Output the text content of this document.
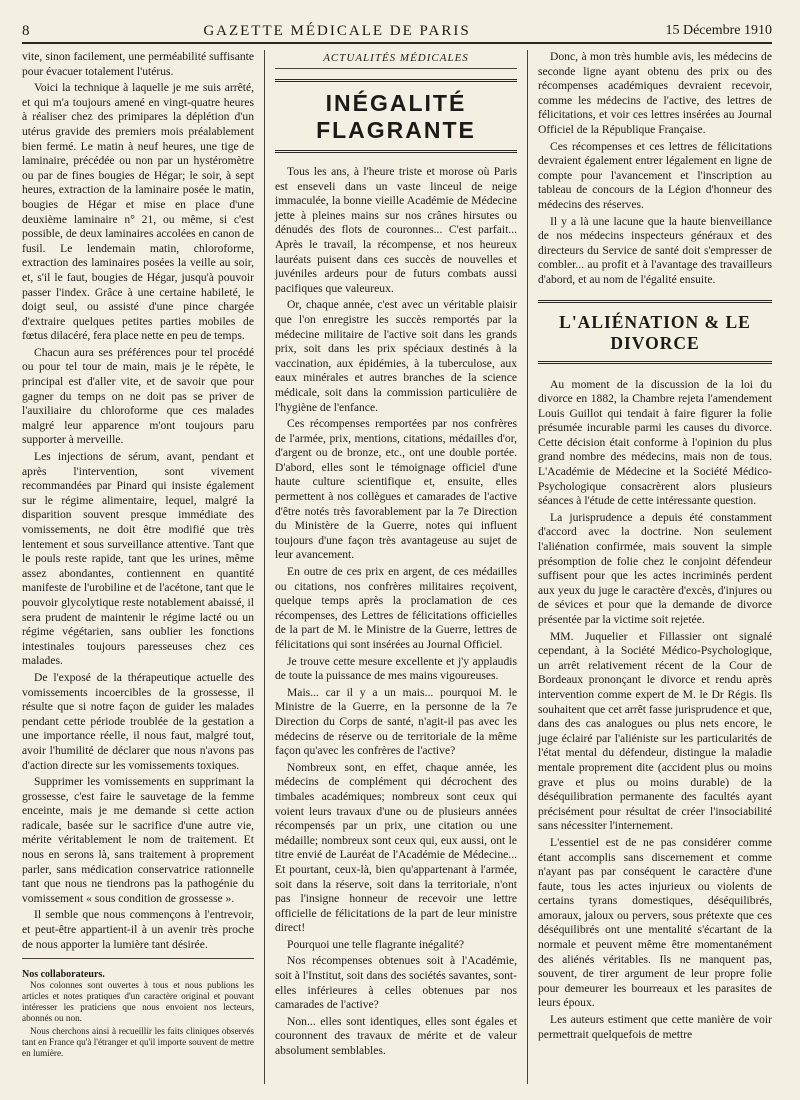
8	GAZETTE MÉDICALE DE PARIS	15 Décembre 1910

vite, sinon facilement, une perméabilité suffisante pour évacuer totalement l'utérus.

Voici la technique à laquelle je me suis arrêté, et qui m'a toujours amené en vingt-quatre heures à réaliser chez des primipares la déplétion d'un utérus gravide des premiers mois préalablement bien fermé. Le matin à neuf heures, une tige de laminaire, précédée ou non par un hystéromètre ou par de fines bougies de Hégar; le soir, à sept heures, extraction de la laminaire posée le matin, bougies de Hégar et mise en place d'une deuxième laminaire n° 21, ou même, si c'est possible, de deux laminaires accolées en canon de fusil. Le lendemain matin, chloroforme, extraction des laminaires posées la veille au soir, et, s'il le faut, bougies de Hégar, jusqu'à pouvoir passer l'index. Grâce à une certaine habileté, le doigt seul, ou assisté d'une pince chargée d'extraire quelques petites parties mobiles de fœtus dilacéré, fera place nette en peu de temps.

Chacun aura ses préférences pour tel procédé ou pour tel tour de main, mais je le répète, le principal est d'aller vite, et de savoir que pour gagner du temps on ne doit pas se priver de l'auxiliaire du chloroforme que ces malades malgré leur apparence m'ont toujours paru supporter à merveille.

Les injections de sérum, avant, pendant et après l'intervention, sont vivement recommandées par Pinard qui insiste également sur le régime alimentaire, lequel, malgré la disparition souvent presque immédiate des vomissements, ne doit être modifié que très lentement et sous surveillance attentive. Tant que le pouls reste rapide, tant que les urines, même assez abondantes, contiennent en quantité manifeste de l'urobiline et de l'acétone, tant que le pouvoir glycolytique reste notablement abaissé, il sera prudent de maintenir le régime lacté ou un régime végétarien, sans oublier les fonctions intestinales toujours paresseuses chez ces malades.

De l'exposé de la thérapeutique actuelle des vomissements incoercibles de la grossesse, il résulte que si notre façon de guider les malades pendant cette période troublée de la gestation a une importance réelle, il nous faut, malgré tout, avoir l'humilité de déclarer que nous n'avons pas d'action directe sur les vomissements toxiques.

Supprimer les vomissements en supprimant la grossesse, c'est faire le sauvetage de la femme enceinte, mais je me demande si cette action radicale, basée sur le sacrifice d'une autre vie, mérite véritablement le nom de traitement. Et nous en serons là, sans traitement à proprement parler, sans médication conservatrice rationnelle tant que nous ne tiendrons pas la pathogénie du vomissement « sous condition de grossesse ».

Il semble que nous commençons à l'entrevoir, et peut-être appartient-il à un avenir très proche de nous apporter la lumière tant désirée.

Nos collaborateurs.

Nos colonnes sont ouvertes à tous et nous publions les articles et notes pratiques d'un caractère original et pouvant intéresser les praticiens que nous envoient nos lecteurs, abonnés ou non.

Nous cherchons ainsi à recueillir les faits cliniques observés tant en France qu'à l'étranger et qu'il importe souvent de mettre en lumière.

ACTUALITÉS MÉDICALES
INÉGALITÉ FLAGRANTE

Tous les ans, à l'heure triste et morose où Paris est enseveli dans un vaste linceul de neige immaculée, la bonne vieille Académie de Médecine jette à pleines mains sur nos crânes hirsutes ou dénudés des flots de couronnes... C'est parfait... Après le travail, la récompense, et nos heureux lauréats puisent dans ces succès de nouvelles et juvéniles ardeurs pour de futurs combats aussi pacifiques que valeureux.

Or, chaque année, c'est avec un véritable plaisir que l'on enregistre les succès remportés par la médecine militaire de l'active soit dans les grands prix, soit dans les prix spéciaux destinés à la vaccination, aux épidémies, à la tuberculose, aux eaux minérales et autres branches de la science médicale, soit dans la commission particulière de l'hygiène de l'enfance.

Ces récompenses remportées par nos confrères de l'armée, prix, mentions, citations, médailles d'or, d'argent ou de bronze, etc., ont une double portée. D'abord, elles sont le témoignage officiel d'une haute culture scientifique et, ensuite, elles permettent à nos collègues et camarades de l'active d'être notés très favorablement par la 7e Direction du Ministère de la Guerre, notes qui influent toujours d'une façon très avantageuse au sujet de leur avancement.

En outre de ces prix en argent, de ces médailles ou citations, nos confrères militaires reçoivent, quelque temps après la proclamation de ces récompenses, des Lettres de félicitations officielles de la part de M. le Ministre de la Guerre, lettres de félicitations qui sont insérées au Journal Officiel.

Je trouve cette mesure excellente et j'y applaudis de toute la puissance de mes mains vigoureuses.

Mais... car il y a un mais... pourquoi M. le Ministre de la Guerre, en la personne de la 7e Direction du Corps de santé, n'agit-il pas avec les médecins de réserve ou de territoriale de la même façon qu'avec les confrères de l'active?

Nombreux sont, en effet, chaque année, les médecins de complément qui décrochent des timbales académiques; nombreux sont ceux qui voient leurs travaux d'une ou de plusieurs années récompensés par un prix, une citation ou une médaille; nombreux sont ceux qui, eux aussi, ont le titre envié de Lauréat de l'Académie de Médecine... Et pourtant, ceux-là, bien qu'appartenant à l'armée, soit dans la réserve, soit dans la territoriale, n'ont pas l'insigne honneur de recevoir une lettre officielle de félicitations de la part de leur ministre direct!

Pourquoi une telle flagrante inégalité?

Nos récompenses obtenues soit à l'Académie, soit à l'Institut, soit dans des sociétés savantes, sont-elles inférieures à celles obtenues par nos camarades de l'active?

Non... elles sont identiques, elles sont égales et couronnent des travaux de mérite et de valeur absolument semblables.

Donc, à mon très humble avis, les médecins de seconde ligne ayant obtenu des prix ou des récompenses académiques devraient recevoir, comme les médecins de l'active, des lettres de félicitations, et voir ces lettres insérées au Journal Officiel de la République Française.

Ces récompenses et ces lettres de félicitations devraient également entrer légalement en ligne de compte pour l'avancement et l'inscription au tableau de concours de la Légion d'honneur des médecins des réserves.

Il y a là une lacune que la haute bienveillance de nos médecins inspecteurs généraux et des directeurs du Service de santé doit s'empresser de combler... au profit et à l'avantage des travailleurs d'abord, et au nom de l'égalité ensuite.

L'ALIÉNATION & LE DIVORCE

Au moment de la discussion de la loi du divorce en 1882, la Chambre rejeta l'amendement Louis Guillot qui tendait à faire figurer la folie présumée incurable parmi les causes du divorce. Cette décision était conforme à l'opinion du plus grand nombre des médecins, mais non de tous. L'Académie de Médecine et la Société Médico-Psychologique consacrèrent alors plusieurs séances à l'étude de cette intéressante question.

La jurisprudence a depuis été constamment d'accord avec la doctrine. Non seulement l'aliénation confirmée, mais souvent la simple présomption de folie chez le conjoint défendeur suffisent pour que les actes incriminés perdent aux yeux du juge le caractère d'excès, d'injures ou de sévices et pour que la demande de divorce présentée par la victime soit rejetée.

MM. Juquelier et Fillassier ont signalé cependant, à la Société Médico-Psychologique, un arrêt relativement récent de la Cour de Bordeaux prononçant le divorce et rendu après intervention comme expert de M. le Dr Régis. Ils souhaitent que cet arrêt fasse jurisprudence et que, dans des cas analogues ou plus nets encore, le juge éclairé par l'aliéniste sur les particularités de l'état mental du défendeur, distingue la maladie mentale proprement dite (accident plus ou moins grave et plus ou moins durable) de la déséquilibration permanente des facultés ayant précisément pour résultat de créer l'insociabilité sans nécessiter l'internement.

L'essentiel est de ne pas considérer comme étant accomplis sans discernement et comme n'ayant pas par conséquent le caractère d'une faute, tous les actes injurieux ou violents de certains tyrans domestiques, déséquilibrés, amoraux, jaloux ou pervers, sous prétexte que ces déséquilibrés ont une mentalité s'écartant de la normale et peuvent même être momentanément des aliénés véritables. Ils ne manquent pas, souvent, de tirer argument de leur propre folie pour demeurer les bourreaux et les parasites de leurs époux.

Les auteurs estiment que cette manière de voir permettrait quelquefois de mettre
